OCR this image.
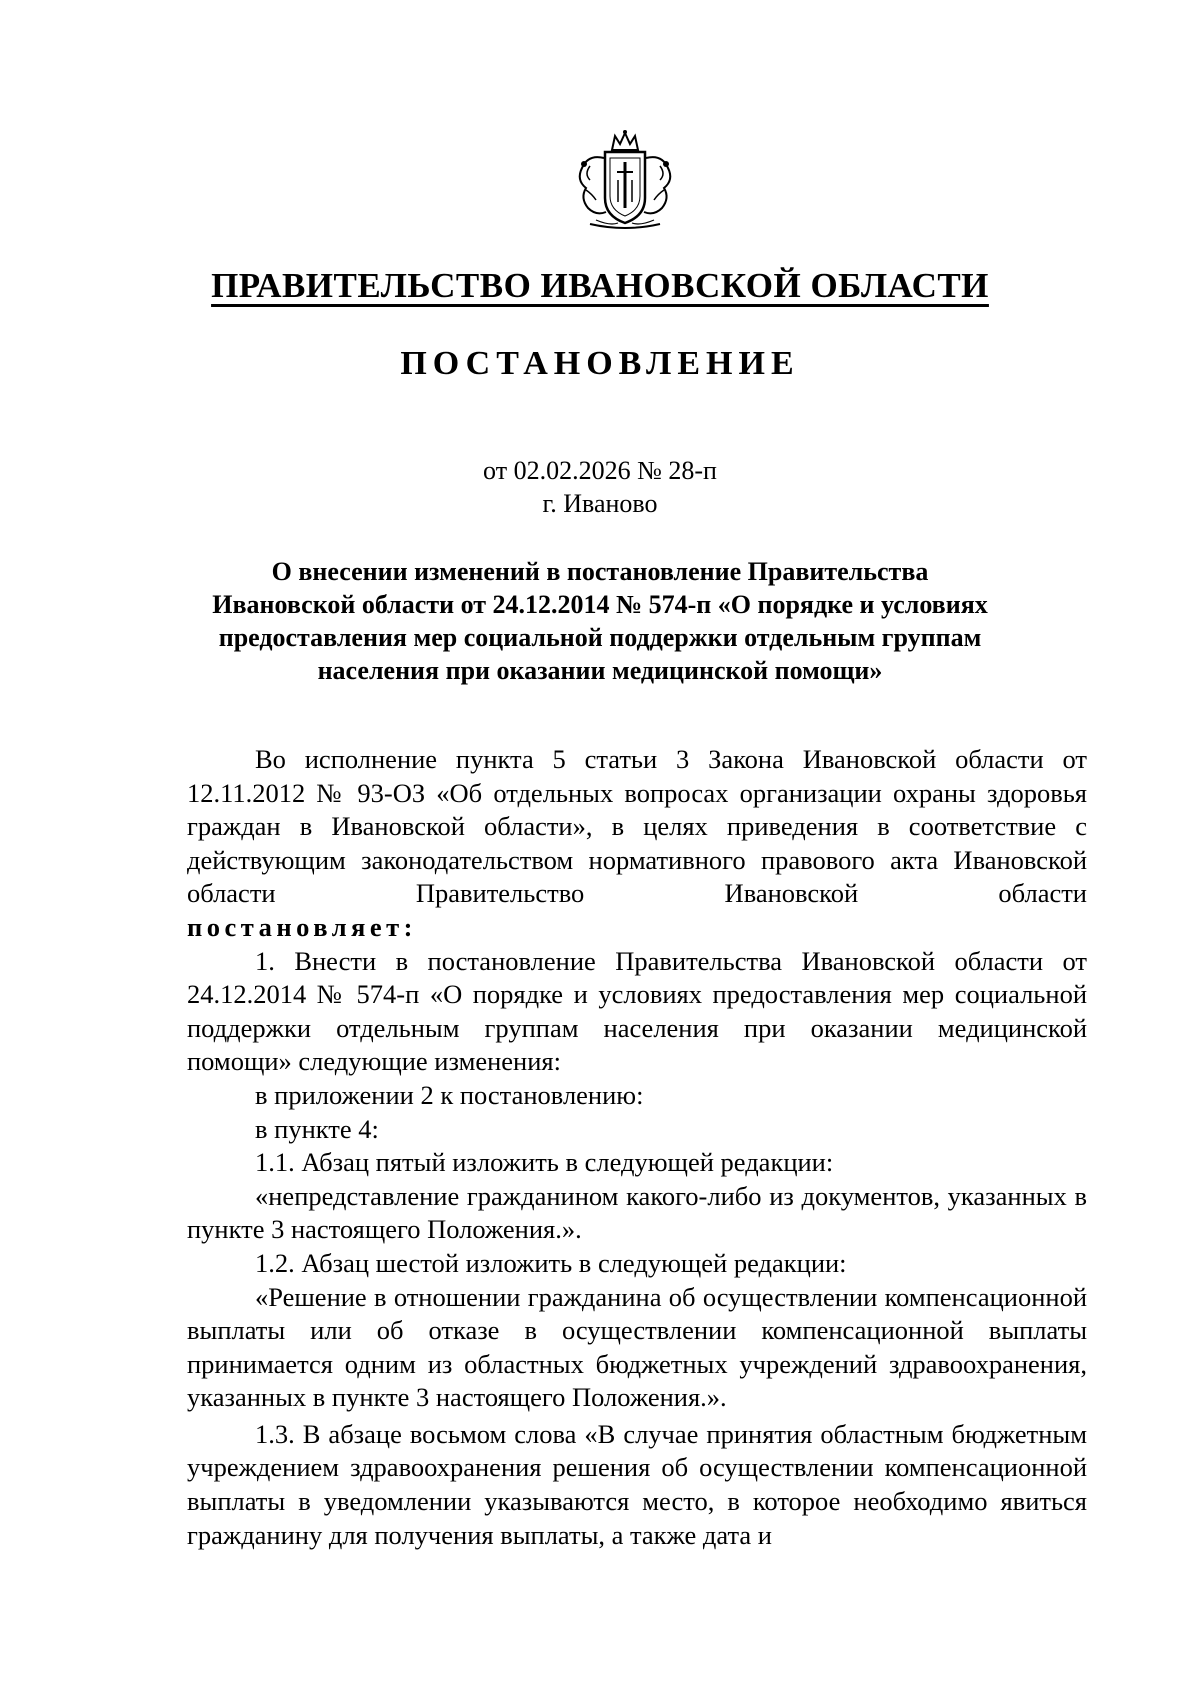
ПРАВИТЕЛЬСТВО ИВАНОВСКОЙ ОБЛАСТИ
ПОСТАНОВЛЕНИЕ
от 02.02.2026 № 28-п
г. Иваново
О внесении изменений в постановление Правительства
Ивановской области от 24.12.2014 № 574-п «О порядке и условиях
предоставления мер социальной поддержки отдельным группам
населения при оказании медицинской помощи»

Во исполнение пункта 5 статьи 3 Закона Ивановской области от 12.11.2012 № 93-ОЗ «Об отдельных вопросах организации охраны здоровья граждан в Ивановской области», в целях приведения в соответствие с действующим законодательством нормативного правового акта Ивановской области Правительство Ивановской области

постановляет:

1. Внести в постановление Правительства Ивановской области от 24.12.2014 № 574-п «О порядке и условиях предоставления мер социальной поддержки отдельным группам населения при оказании медицинской помощи» следующие изменения:

в приложении 2 к постановлению:

в пункте 4:

1.1. Абзац пятый изложить в следующей редакции:

«непредставление гражданином какого-либо из документов, указанных в пункте 3 настоящего Положения.».

1.2. Абзац шестой изложить в следующей редакции:

«Решение в отношении гражданина об осуществлении компенсационной выплаты или об отказе в осуществлении компенсационной выплаты принимается одним из областных бюджетных учреждений здравоохранения, указанных в пункте 3 настоящего Положения.».

1.3. В абзаце восьмом слова «В случае принятия областным бюджетным учреждением здравоохранения решения об осуществлении компенсационной выплаты в уведомлении указываются место, в которое необходимо явиться гражданину для получения выплаты, а также дата и
